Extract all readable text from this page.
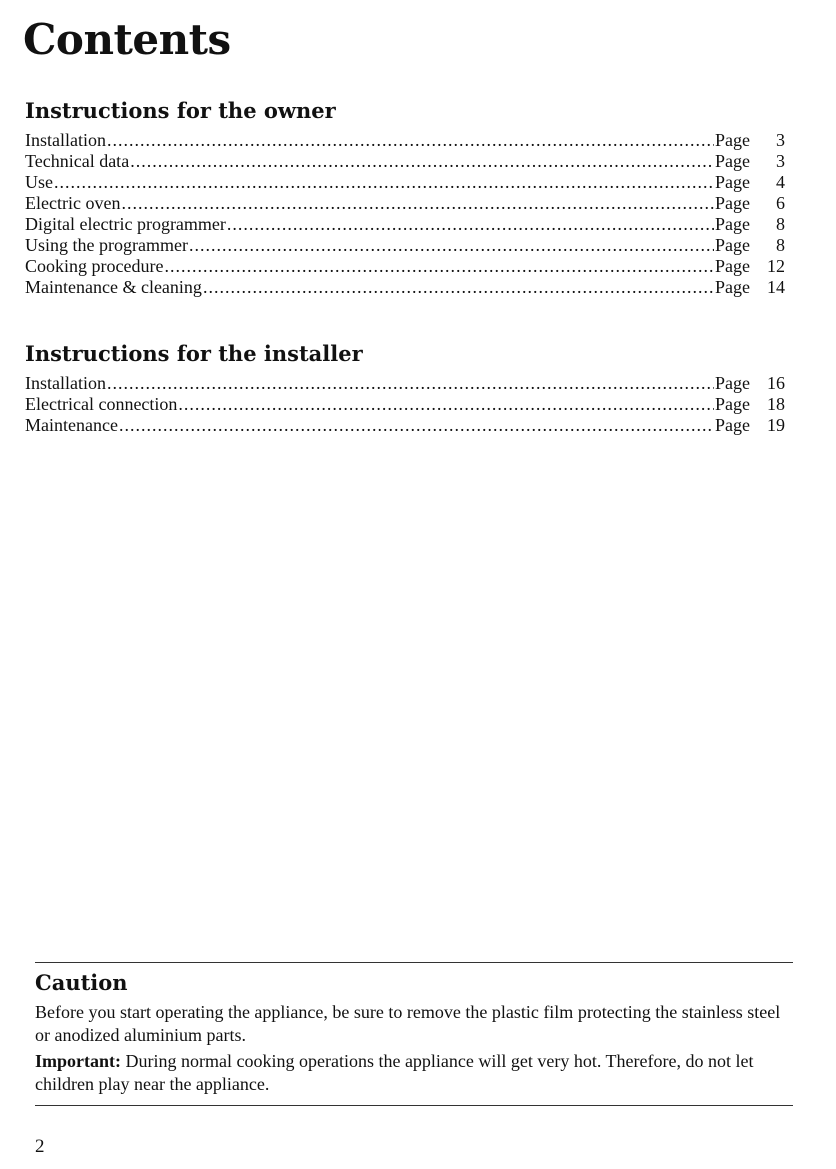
Contents
Instructions for the owner
Installation .....	Page	3
Technical data .....	Page	3
Use .....	Page	4
Electric oven .....	Page	6
Digital electric programmer .....	Page	8
Using the programmer .....	Page	8
Cooking procedure .....	Page 12
Maintenance & cleaning .....	Page 14
Instructions for the installer
Installation .....	Page 16
Electrical connection .....	Page 18
Maintenance .....	Page 19
Caution

Before you start operating the appliance, be sure to remove the plastic film protecting the stainless steel or anodized aluminium parts.

Important: During normal cooking operations the appliance will get very hot. Therefore, do not let children play near the appliance.

2
